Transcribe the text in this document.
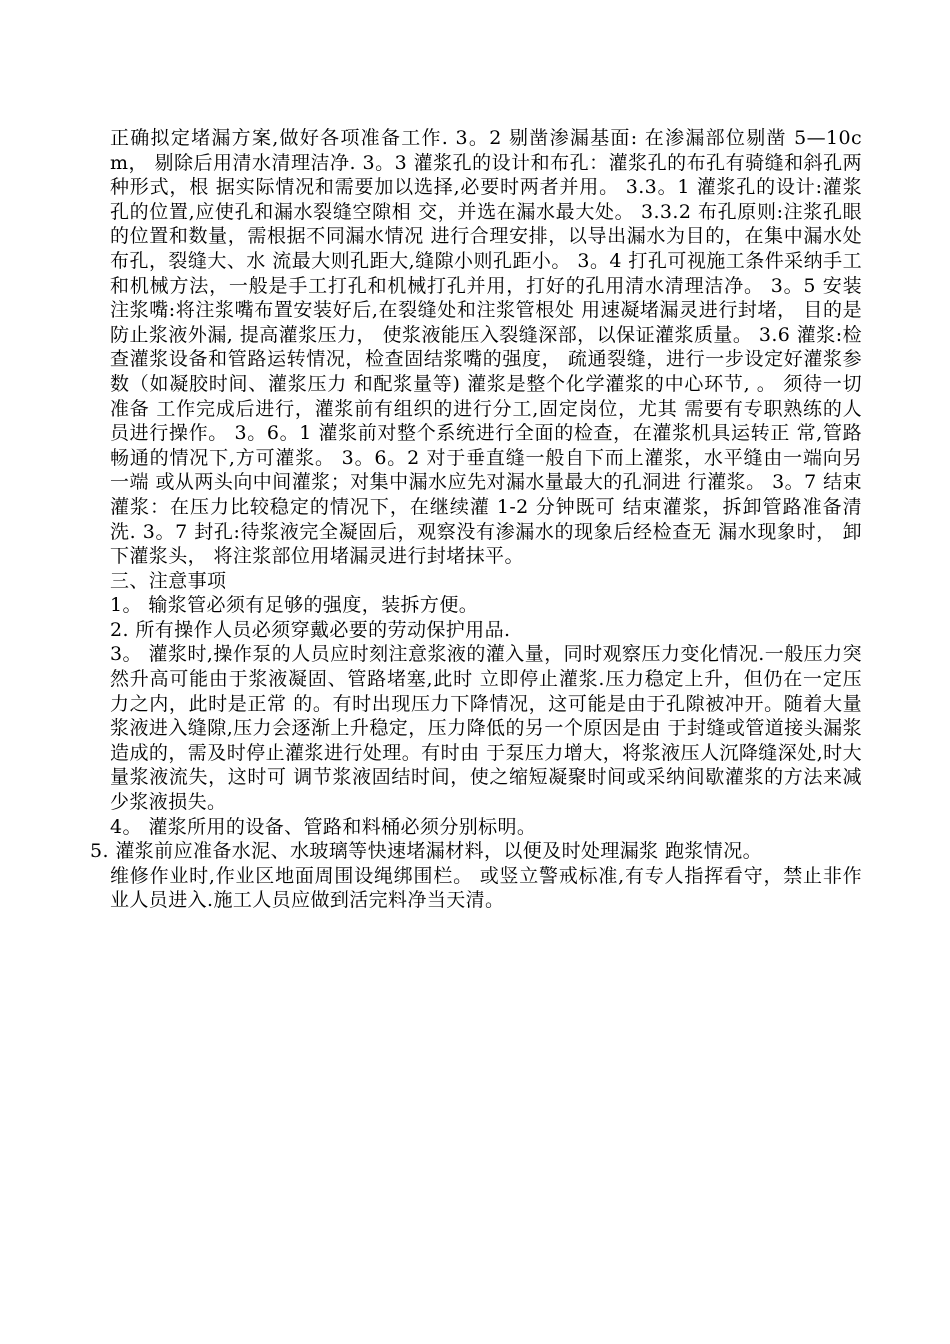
正确拟定堵漏方案,做好各项准备工作. 3。2 剔凿渗漏基面: 在渗漏部位剔凿 5—10cm， 剔除后用清水清理洁净. 3。3 灌浆孔的设计和布孔：灌浆孔的布孔有骑缝和斜孔两种形式，根 据实际情况和需要加以选择,必要时两者并用。 3.3。1 灌浆孔的设计:灌浆孔的位置,应使孔和漏水裂缝空隙相 交，并选在漏水最大处。 3.3.2 布孔原则:注浆孔眼的位置和数量，需根据不同漏水情况 进行合理安排，以导出漏水为目的，在集中漏水处布孔，裂缝大、水 流最大则孔距大,缝隙小则孔距小。 3。4 打孔可视施工条件采纳手工和机械方法，一般是手工打孔和机械打孔并用，打好的孔用清水清理洁净。 3。5 安装注浆嘴:将注浆嘴布置安装好后,在裂缝处和注浆管根处 用速凝堵漏灵进行封堵， 目的是防止浆液外漏, 提高灌浆压力， 使浆液能压入裂缝深部，以保证灌浆质量。 3.6 灌浆:检查灌浆设备和管路运转情况，检查固结浆嘴的强度， 疏通裂缝，进行一步设定好灌浆参数（如凝胶时间、灌浆压力 和配浆量等) 灌浆是整个化学灌浆的中心环节, 。 须待一切准备 工作完成后进行，灌浆前有组织的进行分工,固定岗位，尤其 需要有专职熟练的人员进行操作。 3。6。1 灌浆前对整个系统进行全面的检查，在灌浆机具运转正 常,管路畅通的情况下,方可灌浆。 3。6。2 对于垂直缝一般自下而上灌浆，水平缝由一端向另一端 或从两头向中间灌浆；对集中漏水应先对漏水量最大的孔洞进 行灌浆。 3。7 结束灌浆：在压力比较稳定的情况下，在继续灌 1-2 分钟既可 结束灌浆，拆卸管路准备清洗. 3。7 封孔:待浆液完全凝固后，观察没有渗漏水的现象后经检查无 漏水现象时， 卸下灌浆头， 将注浆部位用堵漏灵进行封堵抹平。

三、注意事项

1。 输浆管必须有足够的强度，装拆方便。

2. 所有操作人员必须穿戴必要的劳动保护用品.

3。 灌浆时,操作泵的人员应时刻注意浆液的灌入量，同时观察压力变化情况.一般压力突然升高可能由于浆液凝固、管路堵塞,此时 立即停止灌浆.压力稳定上升，但仍在一定压力之内，此时是正常 的。有时出现压力下降情况，这可能是由于孔隙被冲开。随着大量 浆液进入缝隙,压力会逐渐上升稳定，压力降低的另一个原因是由 于封缝或管道接头漏浆造成的，需及时停止灌浆进行处理。有时由 于泵压力增大，将浆液压人沉降缝深处,时大量浆液流失，这时可 调节浆液固结时间，使之缩短凝聚时间或采纳间歇灌浆的方法来减 少浆液损失。

4。 灌浆所用的设备、管路和料桶必须分别标明。

5. 灌浆前应准备水泥、水玻璃等快速堵漏材料，以便及时处理漏浆 跑浆情况。

维修作业时,作业区地面周围设绳绑围栏。 或竖立警戒标准,有专人指挥看守，禁止非作业人员进入.施工人员应做到活完料净当天清。
